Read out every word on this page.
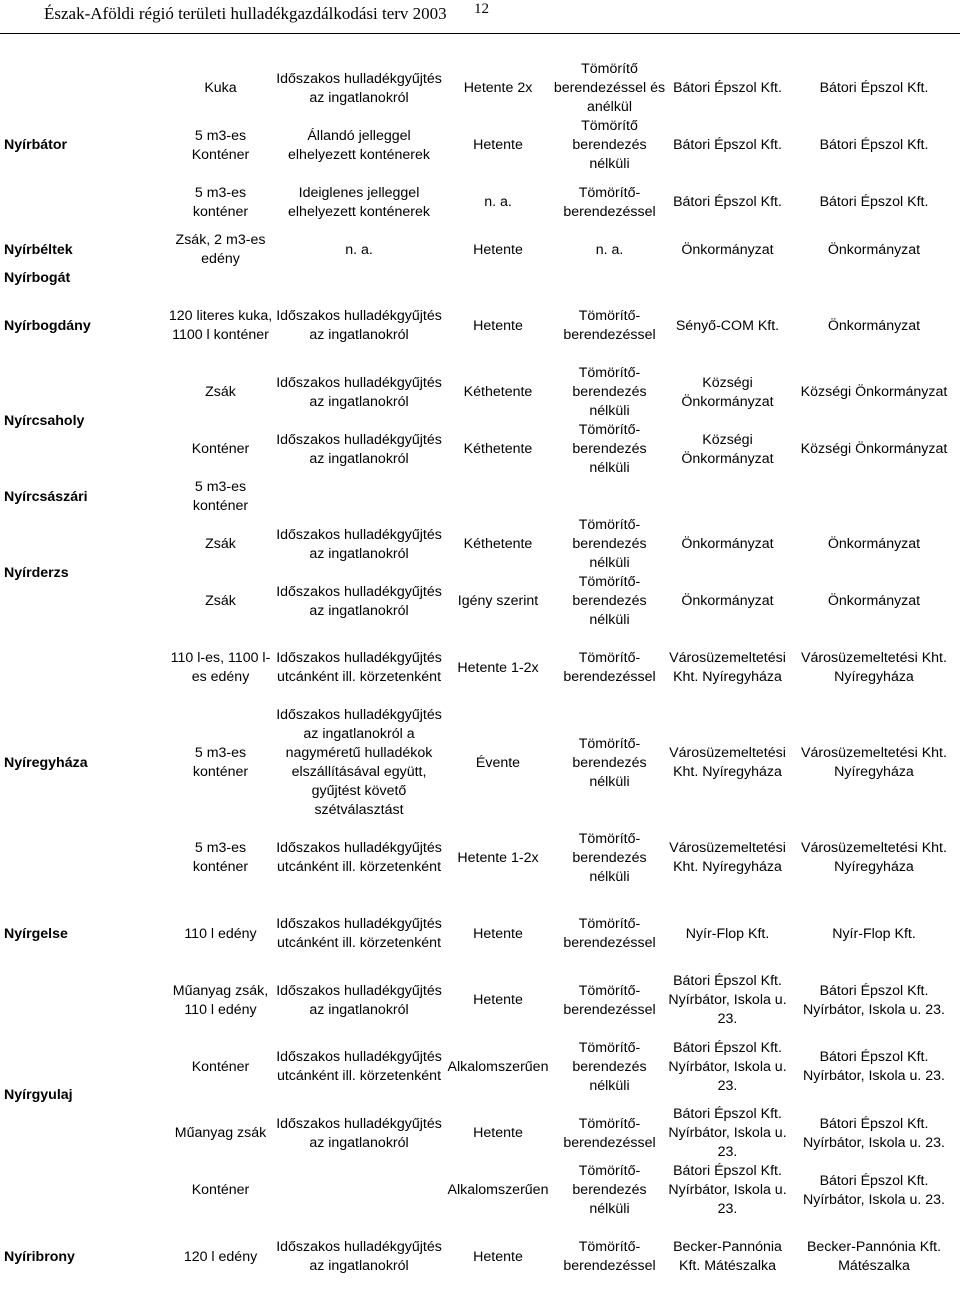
Észak-Aföldi régió területi hulladékgazdálkodási terv 2003 12
Nyírbátor	Kuka	Időszakos hulladékgyűjtés az ingatlanokról	Hetente 2x	Tömörítő berendezéssel és anélkül	Bátori Épszol Kft.	Bátori Épszol Kft.
	5 m3-es Konténer	Állandó jelleggel elhelyezett konténerek	Hetente	Tömörítő berendezés nélküli	Bátori Épszol Kft.	Bátori Épszol Kft.
	5 m3-es konténer	Ideiglenes jelleggel elhelyezett konténerek	n. a.	Tömörítő-berendezéssel	Bátori Épszol Kft.	Bátori Épszol Kft.
Nyírbéltek	Zsák, 2 m3-es edény	n. a.	Hetente	n. a.	Önkormányzat	Önkormányzat
Nyírbogát						
Nyírbogdány	120 literes kuka, 1100 l konténer	Időszakos hulladékgyűjtés az ingatlanokról	Hetente	Tömörítő-berendezéssel	Sényő-COM Kft.	Önkormányzat
Nyírcsaholy	Zsák	Időszakos hulladékgyűjtés az ingatlanokról	Kéthetente	Tömörítő-berendezés nélküli	Községi Önkormányzat	Községi Önkormányzat
	Konténer	Időszakos hulladékgyűjtés az ingatlanokról	Kéthetente	Tömörítő-berendezés nélküli	Községi Önkormányzat	Községi Önkormányzat
Nyírcsászári	5 m3-es konténer					
Nyírderzs	Zsák	Időszakos hulladékgyűjtés az ingatlanokról	Kéthetente	Tömörítő-berendezés nélküli	Önkormányzat	Önkormányzat
	Zsák	Időszakos hulladékgyűjtés az ingatlanokról	Igény szerint	Tömörítő-berendezés nélküli	Önkormányzat	Önkormányzat
Nyíregyháza	110 l-es, 1100 l-es edény	Időszakos hulladékgyűjtés utcánként ill. körzetenként	Hetente 1-2x	Tömörítő-berendezéssel	Városüzemeltetési Kht. Nyíregyháza	Városüzemeltetési Kht. Nyíregyháza
	5 m3-es konténer	Időszakos hulladékgyűjtés az ingatlanokról a nagyméretű hulladékok elszállításával együtt, gyűjtést követő szétválasztást	Évente	Tömörítő-berendezés nélküli	Városüzemeltetési Kht. Nyíregyháza	Városüzemeltetési Kht. Nyíregyháza
	5 m3-es konténer	Időszakos hulladékgyűjtés utcánként ill. körzetenként	Hetente 1-2x	Tömörítő-berendezés nélküli	Városüzemeltetési Kht. Nyíregyháza	Városüzemeltetési Kht. Nyíregyháza
Nyírgelse	110 l edény	Időszakos hulladékgyűjtés utcánként ill. körzetenként	Hetente	Tömörítő-berendezéssel	Nyír-Flop Kft.	Nyír-Flop Kft.
Nyírgyulaj	Műanyag zsák, 110 l edény	Időszakos hulladékgyűjtés az ingatlanokról	Hetente	Tömörítő-berendezéssel	Bátori Épszol Kft. Nyírbátor, Iskola u. 23.	Bátori Épszol Kft. Nyírbátor, Iskola u. 23.
	Konténer	Időszakos hulladékgyűjtés utcánként ill. körzetenként	Alkalomszerűen	Tömörítő-berendezés nélküli	Bátori Épszol Kft. Nyírbátor, Iskola u. 23.	Bátori Épszol Kft. Nyírbátor, Iskola u. 23.
	Műanyag zsák	Időszakos hulladékgyűjtés az ingatlanokról	Hetente	Tömörítő-berendezéssel	Bátori Épszol Kft. Nyírbátor, Iskola u. 23.	Bátori Épszol Kft. Nyírbátor, Iskola u. 23.
	Konténer		Alkalomszerűen	Tömörítő-berendezés nélküli	Bátori Épszol Kft. Nyírbátor, Iskola u. 23.	Bátori Épszol Kft. Nyírbátor, Iskola u. 23.
Nyíribrony	120 l edény	Időszakos hulladékgyűjtés az ingatlanokról	Hetente	Tömörítő-berendezéssel	Becker-Pannónia Kft. Mátészalka	Becker-Pannónia Kft. Mátészalka
